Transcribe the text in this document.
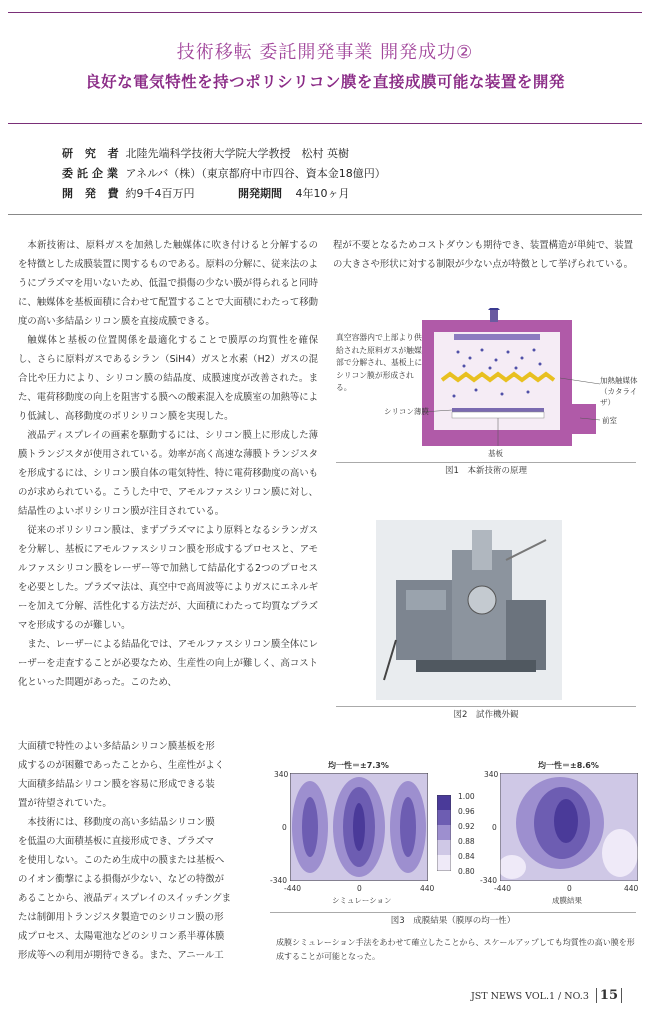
技術移転 委託開発事業 開発成功②
良好な電気特性を持つポリシリコン膜を直接成膜可能な装置を開発
研 究 者 北陸先端科学技術大学院大学教授　松村 英樹
委託企業 アネルバ（株）（東京都府中市四谷、資本金18億円）
開 発 費 約9千4百万円	開発期間 4年10ヶ月

本新技術は、原料ガスを加熱した触媒体に吹き付けると分解するのを特徴とした成膜装置に関するものである。原料の分解に、従来法のようにプラズマを用いないため、低温で損傷の少ない膜が得られると同時に、触媒体を基板面積に合わせて配置することで大面積にわたって移動度の高い多結晶シリコン膜を直接成膜できる。

触媒体と基板の位置関係を最適化することで膜厚の均質性を確保し、さらに原料ガスであるシラン（SiH4）ガスと水素（H2）ガスの混合比や圧力により、シリコン膜の結晶度、成膜速度が改善された。また、電荷移動度の向上を阻害する膜への酸素混入を成膜室の加熱等により低減し、高移動度のポリシリコン膜を実現した。

液晶ディスプレイの画素を駆動するには、シリコン膜上に形成した薄膜トランジスタが使用されている。効率が高く高速な薄膜トランジスタを形成するには、シリコン膜自体の電気特性、特に電荷移動度の高いものが求められている。こうした中で、アモルファスシリコン膜に対し、結晶性のよいポリシリコン膜が注目されている。

従来のポリシリコン膜は、まずプラズマにより原料となるシランガスを分解し、基板にアモルファスシリコン膜を形成するプロセスと、アモルファスシリコン膜をレーザー等で加熱して結晶化する2つのプロセスを必要とした。プラズマ法は、真空中で高周波等によりガスにエネルギーを加えて分解、活性化する方法だが、大面積にわたって均質なプラズマを形成するのが難しい。

また、レーザーによる結晶化では、アモルファスシリコン膜全体にレーザーを走査することが必要なため、生産性の向上が難しく、高コスト化といった問題があった。このため、

大面積で特性のよい多結晶シリコン膜基板を形
成するのが困難であったことから、生産性がよく
大面積多結晶シリコン膜を容易に形成できる装
置が待望されていた。
　本技術には、移動度の高い多結晶シリコン膜
を低温の大面積基板に直接形成でき、プラズマ
を使用しない。このため生成中の膜または基板へ
のイオン衝撃による損傷が少ない、などの特徴が
あることから、液晶ディスプレイのスイッチングま
たは制御用トランジスタ製造でのシリコン膜の形
成プロセス、太陽電池などのシリコン系半導体膜
形成等への利用が期待できる。また、アニール工
程が不要となるためコストダウンも期待でき、装置構造が単純で、装置の大きさや形状に対する制限が少ない点が特徴として挙げられている。
真空容器内で上部より供給された原料ガスが触媒部で分解され、基板上にシリコン膜が形成される。
加熱触媒体（カタライザ）
シリコン薄膜
前室
基板
図1　本新技術の原理
図2　試作機外観
均一性＝±7.3%	均一性＝±8.6%
1.00
0.96
0.92
0.88
0.84
0.80
340
0
-340
-440	0	440
シミュレーション
340
0
-340
-440	0	440
成膜結果
図3　成膜結果（膜厚の均一性）
成膜シミュレーション手法をあわせて確立したことから、スケールアップしても均質性の高い膜を形成することが可能となった。
JST NEWS VOL.1 / NO.3 15
